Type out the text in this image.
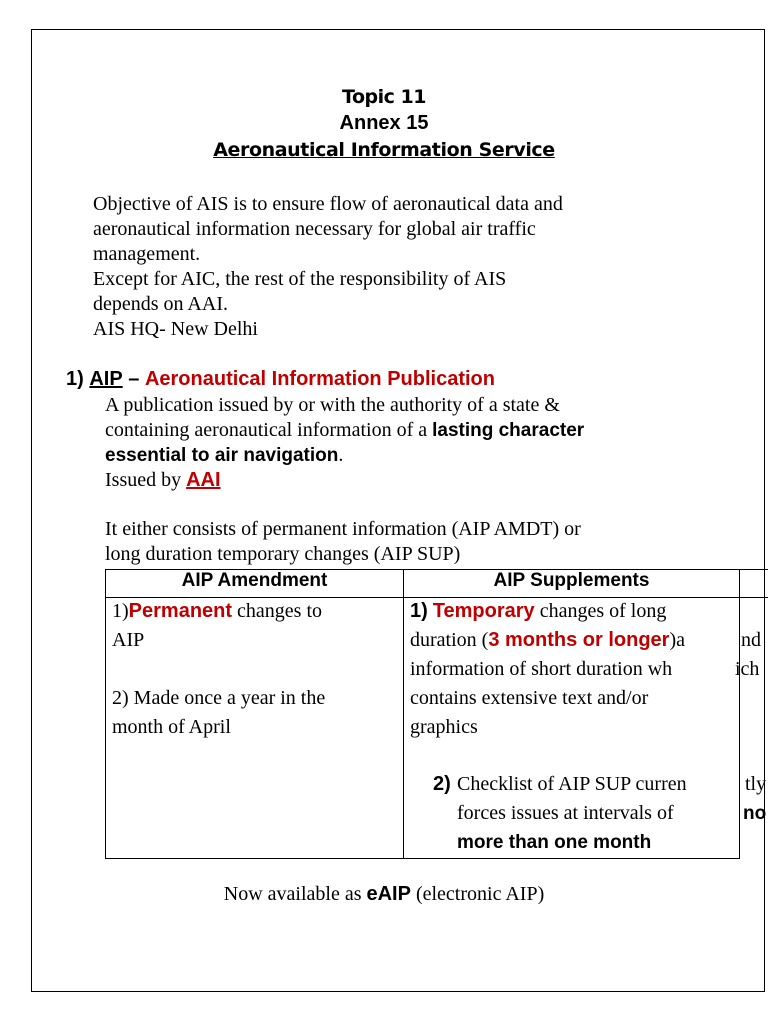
Topic 11
Annex 15
Aeronautical Information Service
Objective of AIS is to ensure flow of aeronautical data and
aeronautical information necessary for global air traffic
management.
Except for AIC, the rest of the responsibility of AIS
depends on AAI.
AIS HQ- New Delhi
1) AIP – Aeronautical Information Publication
A publication issued by or with the authority of a state &
containing aeronautical information of a lasting character
essential to air navigation.
Issued by AAI
It either consists of permanent information (AIP AMDT) or
long duration temporary changes (AIP SUP)
AIP Amendment	AIP Supplements
1)Permanent changes to
AIP
2) Made once a year in the
month of April
1) Temporary changes of long
duration (3 months or longer)a
information of short duration wh
contains extensive text and/or
graphics
nd
ich
2) Checklist of AIP SUP curren
forces issues at intervals of
more than one month
tly
no
Now available as eAIP (electronic AIP)
